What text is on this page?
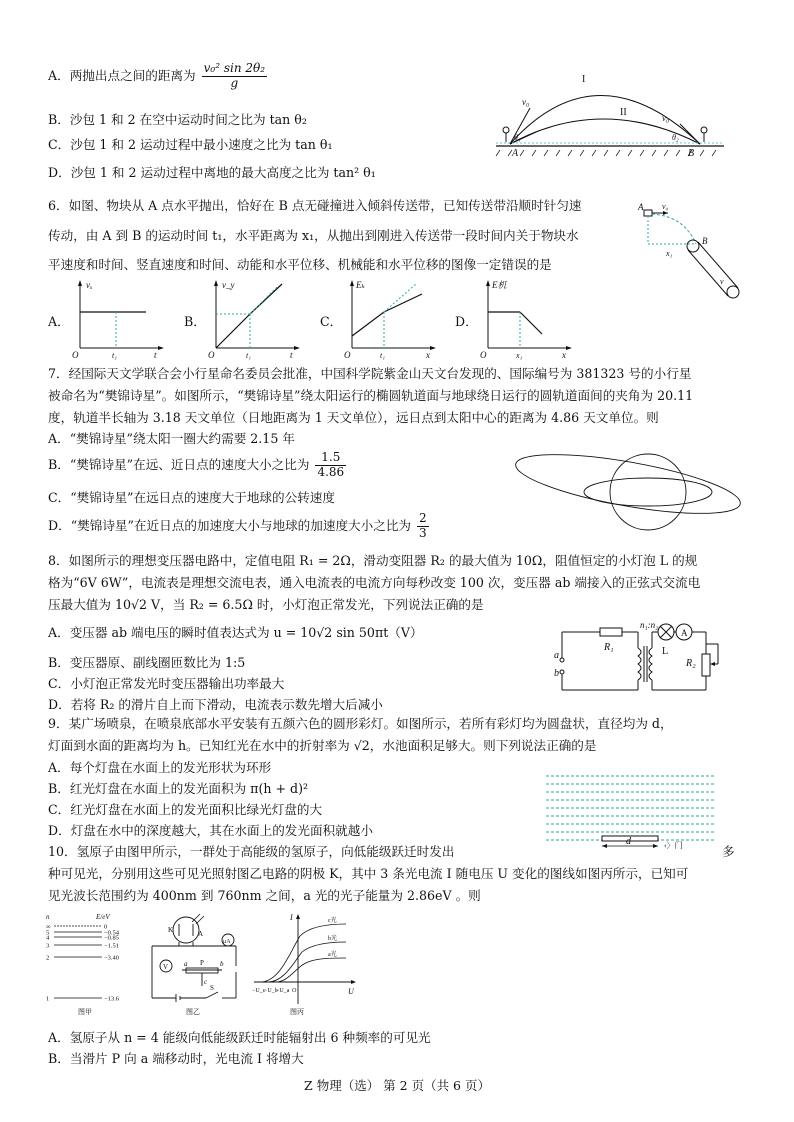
A．两抛出点之间的距离为 $\frac{\text{v₀² sin 2θ₂}}{g}$
B．沙包 1 和 2 在空中运动时间之比为 tan θ₂
C．沙包 1 和 2 运动过程中最小速度之比为 tan θ₁
D．沙包 1 和 2 运动过程中离地的最大高度之比为 tan² θ₁
I
II
v₀
v₀
θ₁	θ₂
A	B
6．如图、物块从 A 点水平抛出，恰好在 B 点无碰撞进入倾斜传送带，已知传送带沿顺时针匀速
传动，由 A 到 B 的运动时间 t₁，水平距离为 x₁，从抛出到刚进入传送带一段时间内关于物块水
平速度和时间、竖直速度和时间、动能和水平位移、机械能和水平位移的图像一定错误的是
A v₀
B
x₁
v
A．	B．	C．	D．
vₓ
t
O	t₁
v_y
t
O	t₁
Eₖ
x
O	t₁
E机
x
O	x₁
7．经国际天文学联合会小行星命名委员会批准，中国科学院紫金山天文台发现的、国际编号为 381323 号的小行星
被命名为“樊锦诗星”。如图所示，“樊锦诗星”绕太阳运行的椭圆轨道面与地球绕日运行的圆轨道面间的夹角为 20.11
度，轨道半长轴为 3.18 天文单位（日地距离为 1 天文单位），远日点到太阳中心的距离为 4.86 天文单位。则
A．“樊锦诗星”绕太阳一圈大约需要 2.15 年
B．“樊锦诗星”在远、近日点的速度大小之比为 $\frac{1.5}{4.86}$
C．“樊锦诗星”在远日点的速度大于地球的公转速度
D．“樊锦诗星”在近日点的加速度大小与地球的加速度大小之比为 $\frac{2}{3}$
8．如图所示的理想变压器电路中，定值电阻 R₁ = 2Ω，滑动变阻器 R₂ 的最大值为 10Ω，阻值恒定的小灯泡 L 的规
格为“6V 6W”，电流表是理想交流电表，通入电流表的电流方向每秒改变 100 次，变压器 ab 端接入的正弦式交流电
压最大值为 10√2 V，当 R₂ = 6.5Ω 时，小灯泡正常发光，下列说法正确的是
A．变压器 ab 端电压的瞬时值表达式为 u = 10√2 sin 50πt（V）
B．变压器原、副线圈匝数比为 1:5
C．小灯泡正常发光时变压器输出功率最大
D．若将 R₂ 的滑片自上而下滑动，电流表示数先增大后减小
a
b
R₁
n₁:n₂
A
L
R₂
9．某广场喷泉，在喷泉底部水平安装有五颜六色的圆形彩灯。如图所示，若所有彩灯均为圆盘状，直径均为 d，
灯面到水面的距离均为 h。已知红光在水中的折射率为 √2，水池面积足够大。则下列说法正确的是
A．每个灯盘在水面上的发光形状为环形
B．红光灯盘在水面上的发光面积为 π(h + d)²
C．红光灯盘在水面上的发光面积比绿光灯盘的大
D．灯盘在水中的深度越大，其在水面上的发光面积就越小
d	‹〉门
10．氢原子由图甲所示，一群处于高能级的氢原子，向低能级跃迁时发出	多
种可见光，分别用这些可见光照射图乙电路的阴极 K，其中 3 条光电流 I 随电压 U 变化的图线如图丙所示，已知可
见光波长范围约为 400nm 到 760nm 之间，a 光的光子能量为 2.86eV 。则
n	E/eV
∞	0
5	−0.54
4	−0.85
3	−1.51
2	−3.40
1	−13.6
图甲
K	A
V
μA
a P b
c
S
图乙
I
U
c光
b光
a光
−U_c
−U_b
−U_a O
图丙
A．氢原子从 n = 4 能级向低能级跃迁时能辐射出 6 种频率的可见光
B．当滑片 P 向 a 端移动时，光电流 I 将增大
Z 物理（选） 第 2 页（共 6 页）
